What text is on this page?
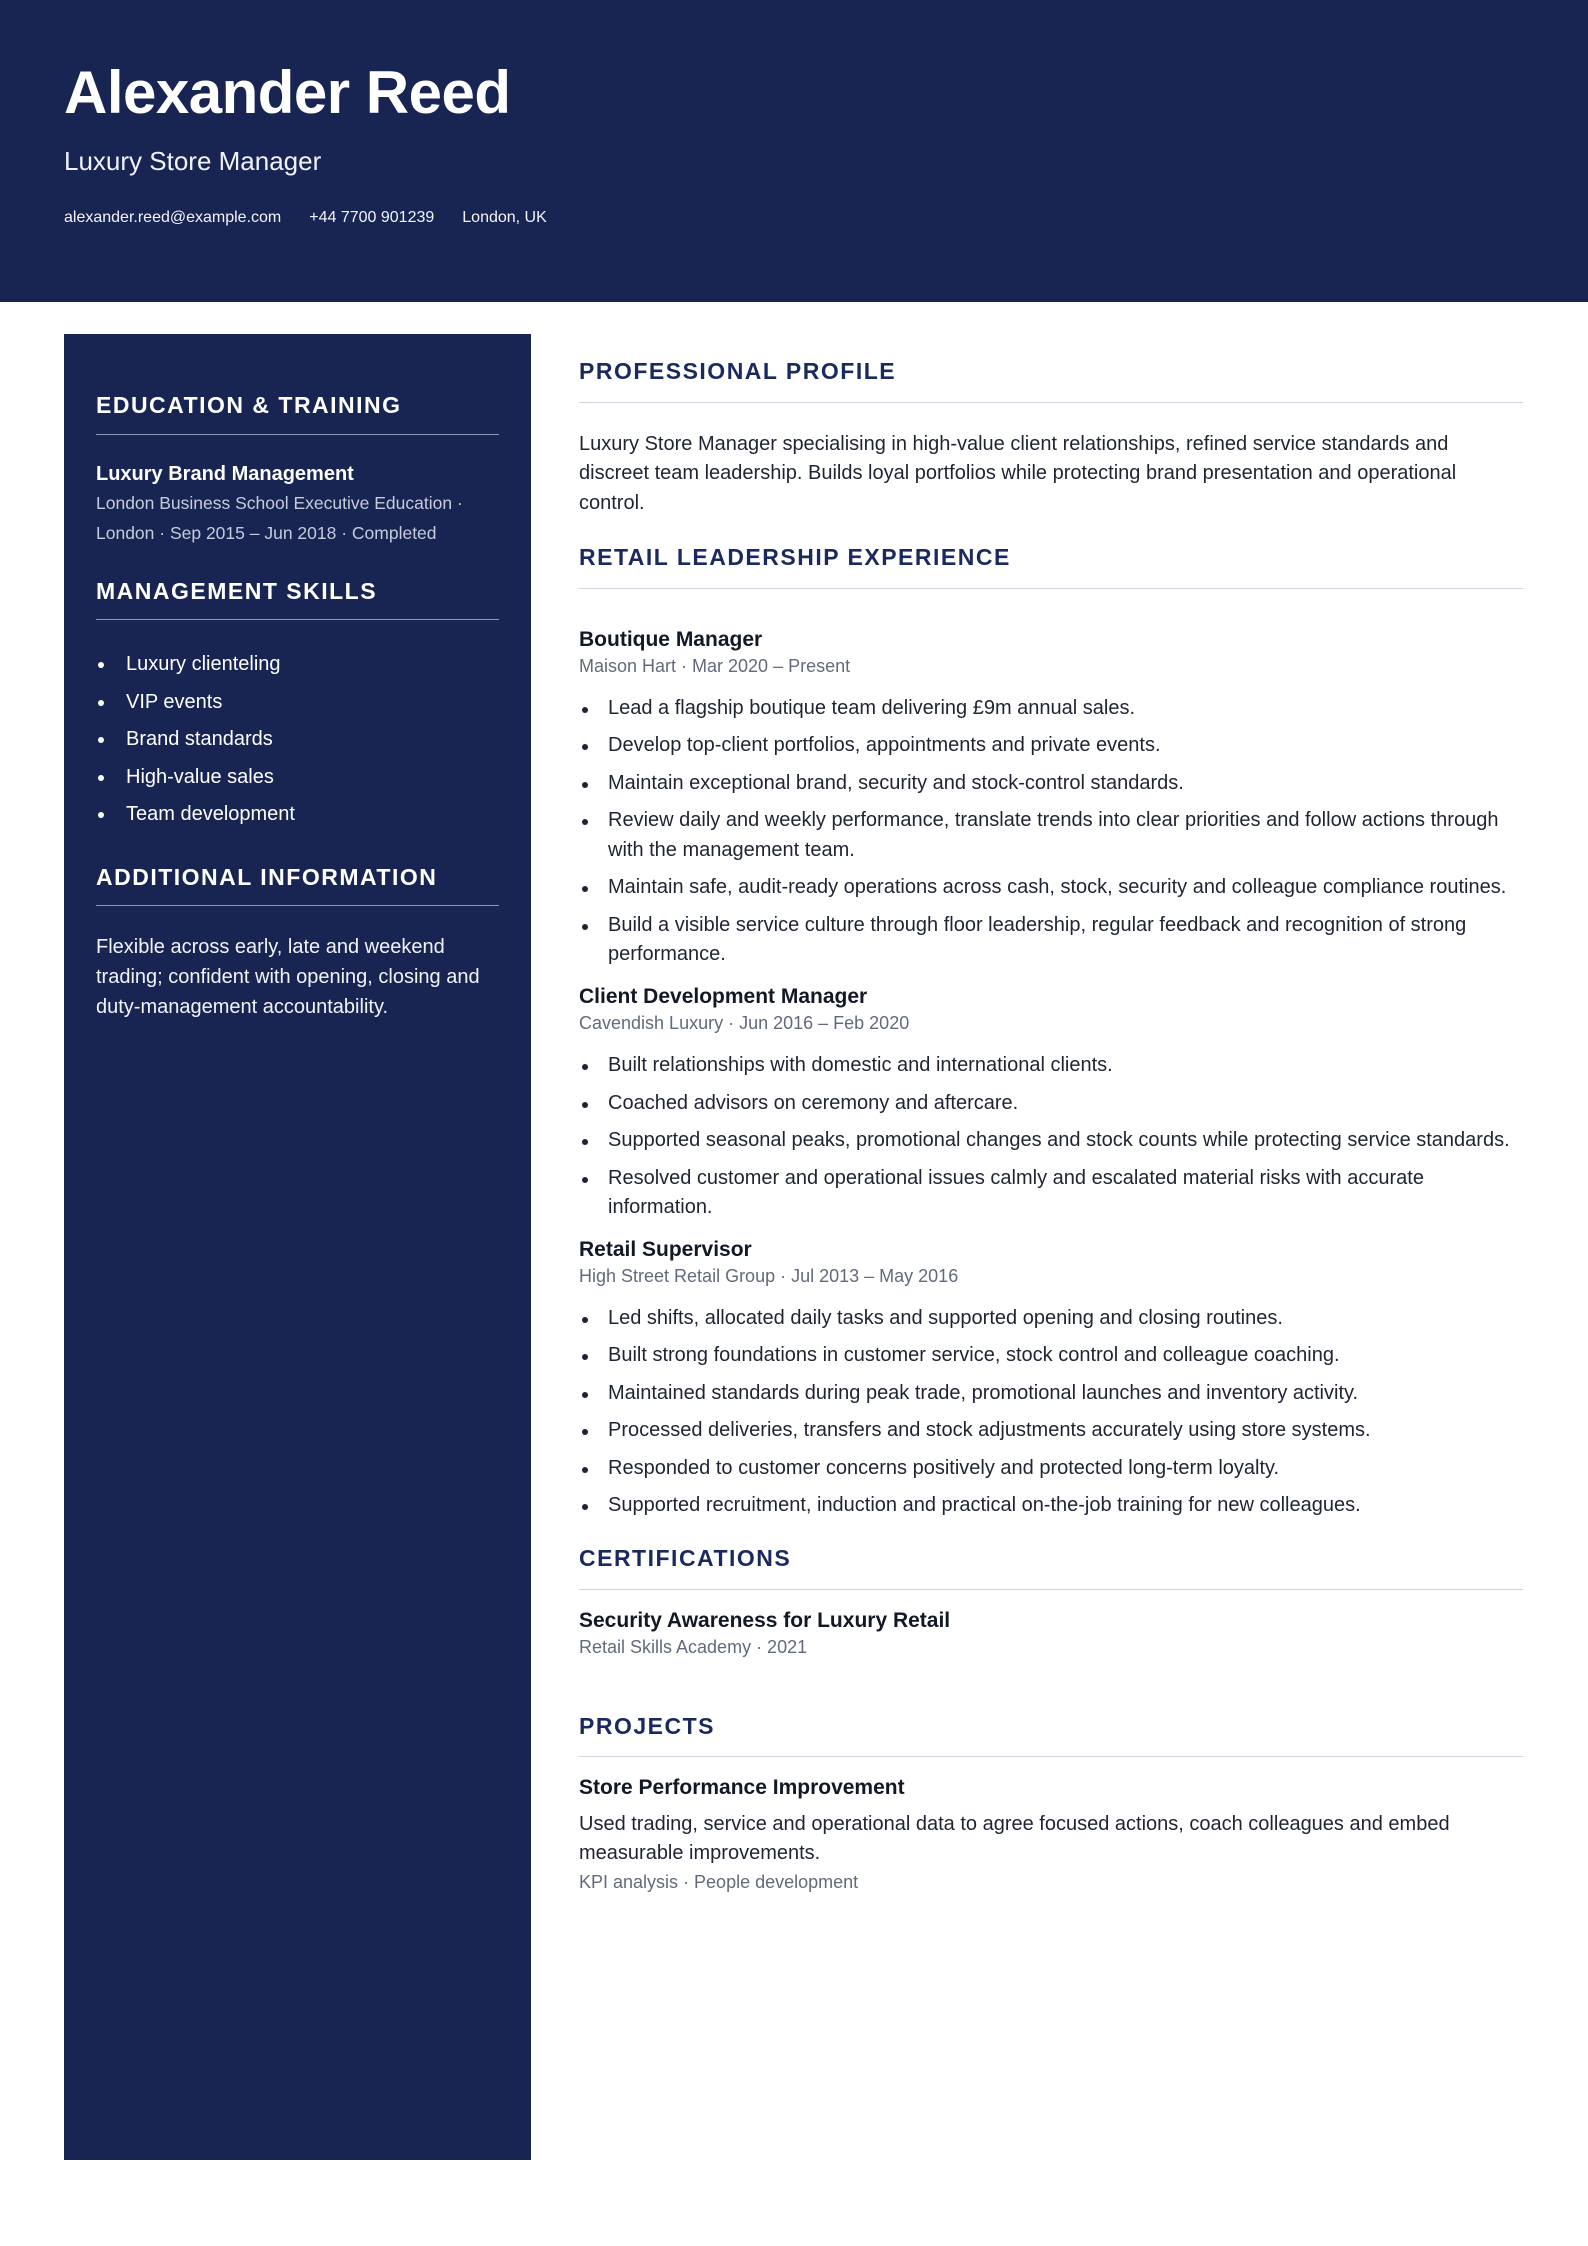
Alexander Reed
Luxury Store Manager
alexander.reed@example.com +44 7700 901239 London, UK
EDUCATION & TRAINING
Luxury Brand Management
London Business School Executive Education · London · Sep 2015 – Jun 2018 · Completed
MANAGEMENT SKILLS
Luxury clienteling
VIP events
Brand standards
High-value sales
Team development
ADDITIONAL INFORMATION
Flexible across early, late and weekend trading; confident with opening, closing and duty-management accountability.
PROFESSIONAL PROFILE
Luxury Store Manager specialising in high-value client relationships, refined service standards and discreet team leadership. Builds loyal portfolios while protecting brand presentation and operational control.
RETAIL LEADERSHIP EXPERIENCE
Boutique Manager
Maison Hart · Mar 2020 – Present
Lead a flagship boutique team delivering £9m annual sales.
Develop top-client portfolios, appointments and private events.
Maintain exceptional brand, security and stock-control standards.
Review daily and weekly performance, translate trends into clear priorities and follow actions through with the management team.
Maintain safe, audit-ready operations across cash, stock, security and colleague compliance routines.
Build a visible service culture through floor leadership, regular feedback and recognition of strong performance.
Client Development Manager
Cavendish Luxury · Jun 2016 – Feb 2020
Built relationships with domestic and international clients.
Coached advisors on ceremony and aftercare.
Supported seasonal peaks, promotional changes and stock counts while protecting service standards.
Resolved customer and operational issues calmly and escalated material risks with accurate information.
Retail Supervisor
High Street Retail Group · Jul 2013 – May 2016
Led shifts, allocated daily tasks and supported opening and closing routines.
Built strong foundations in customer service, stock control and colleague coaching.
Maintained standards during peak trade, promotional launches and inventory activity.
Processed deliveries, transfers and stock adjustments accurately using store systems.
Responded to customer concerns positively and protected long-term loyalty.
Supported recruitment, induction and practical on-the-job training for new colleagues.
CERTIFICATIONS
Security Awareness for Luxury Retail
Retail Skills Academy · 2021
PROJECTS
Store Performance Improvement
Used trading, service and operational data to agree focused actions, coach colleagues and embed measurable improvements.
KPI analysis · People development
